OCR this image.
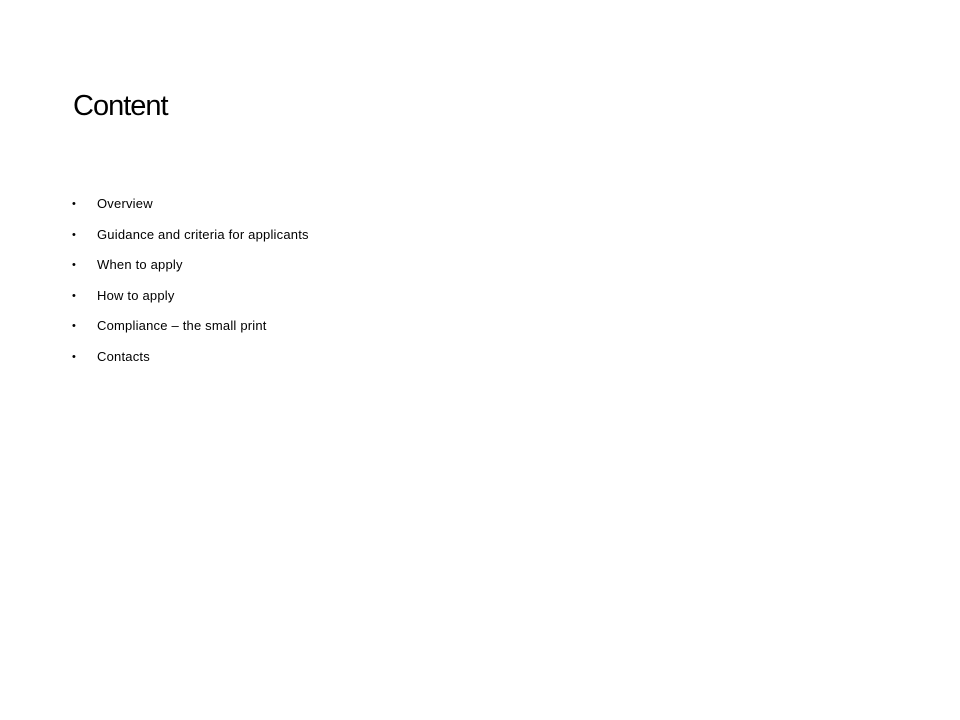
Content
•	Overview
•	Guidance and criteria for applicants
•	When to apply
•	How to apply
•	Compliance – the small print
•	Contacts
